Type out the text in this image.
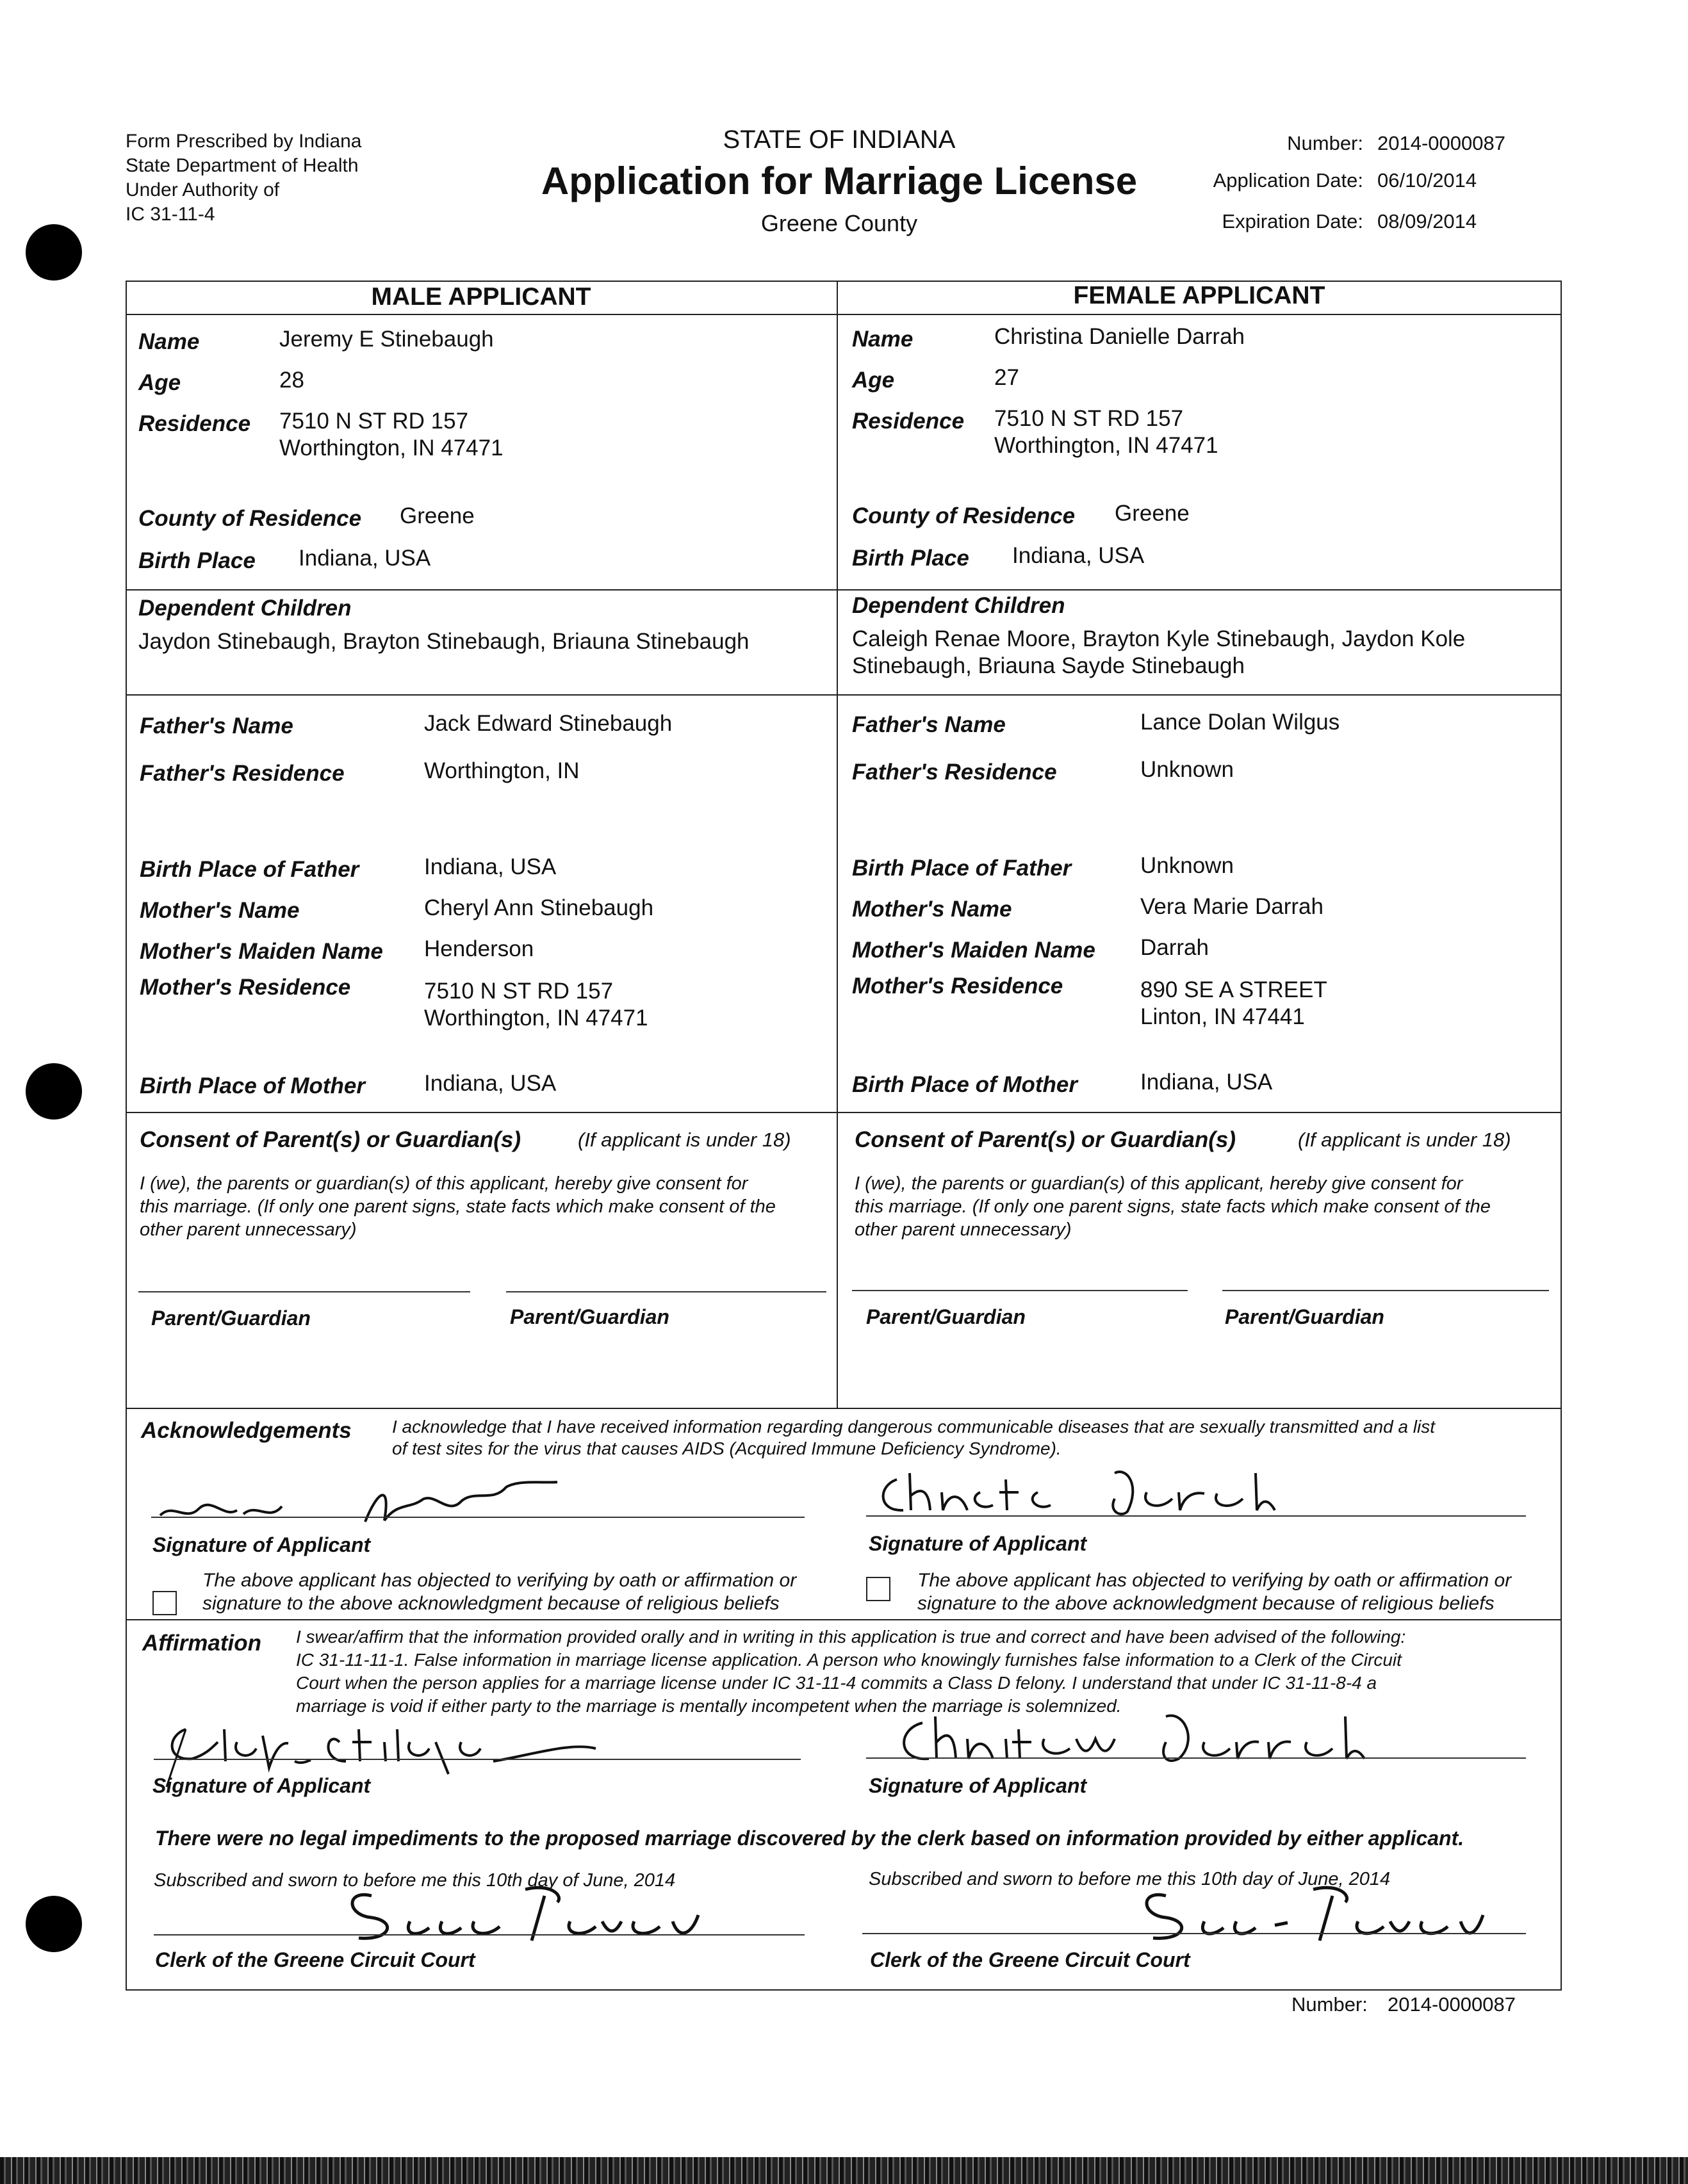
Form Prescribed by Indiana
State Department of Health
Under Authority of
IC 31-11-4
STATE OF INDIANA
Application for Marriage License
Greene County
Number: 2014-0000087
Application Date: 06/10/2014
Expiration Date: 08/09/2014
MALE APPLICANT	FEMALE APPLICANT
Name	Jeremy E Stinebaugh
Age	28
Residence 7510 N ST RD 157
Worthington, IN 47471
County of Residence Greene
Birth Place Indiana, USA
Dependent Children
Jaydon Stinebaugh, Brayton Stinebaugh, Briauna Stinebaugh
Father's Name	Jack Edward Stinebaugh
Father's Residence	Worthington, IN
Birth Place of Father	Indiana, USA
Mother's Name	Cheryl Ann Stinebaugh
Mother's Maiden Name Henderson
Mother's Residence	7510 N ST RD 157
Worthington, IN 47471
Birth Place of Mother	Indiana, USA
Name	Christina Danielle Darrah
Age	27
Residence 7510 N ST RD 157
Worthington, IN 47471
County of Residence Greene
Birth Place Indiana, USA
Dependent Children
Caleigh Renae Moore, Brayton Kyle Stinebaugh, Jaydon Kole
Stinebaugh, Briauna Sayde Stinebaugh
Father's Name	Lance Dolan Wilgus
Father's Residence	Unknown
Birth Place of Father	Unknown
Mother's Name	Vera Marie Darrah
Mother's Maiden Name Darrah
Mother's Residence	890 SE A STREET
Linton, IN 47441
Birth Place of Mother	Indiana, USA
Consent of Parent(s) or Guardian(s)	(If applicant is under 18)
I (we), the parents or guardian(s) of this applicant, hereby give consent for
this marriage. (If only one parent signs, state facts which make consent of the
other parent unnecessary)
Parent/Guardian	Parent/Guardian
Consent of Parent(s) or Guardian(s)	(If applicant is under 18)
I (we), the parents or guardian(s) of this applicant, hereby give consent for
this marriage. (If only one parent signs, state facts which make consent of the
other parent unnecessary)
Parent/Guardian	Parent/Guardian
Acknowledgements I acknowledge that I have received information regarding dangerous communicable diseases that are sexually transmitted and a list
of test sites for the virus that causes AIDS (Acquired Immune Deficiency Syndrome).
Signature of Applicant
The above applicant has objected to verifying by oath or affirmation or
signature to the above acknowledgment because of religious beliefs
Signature of Applicant
The above applicant has objected to verifying by oath or affirmation or
signature to the above acknowledgment because of religious beliefs
Affirmation I swear/affirm that the information provided orally and in writing in this application is true and correct and have been advised of the following:
IC 31-11-11-1. False information in marriage license application. A person who knowingly furnishes false information to a Clerk of the Circuit
Court when the person applies for a marriage license under IC 31-11-4 commits a Class D felony. I understand that under IC 31-11-8-4 a
marriage is void if either party to the marriage is mentally incompetent when the marriage is solemnized.
Signature of Applicant	Signature of Applicant
There were no legal impediments to the proposed marriage discovered by the clerk based on information provided by either applicant.
Subscribed and sworn to before me this 10th day of June, 2014
Clerk of the Greene Circuit Court
Subscribed and sworn to before me this 10th day of June, 2014
Clerk of the Greene Circuit Court
Number: 2014-0000087
